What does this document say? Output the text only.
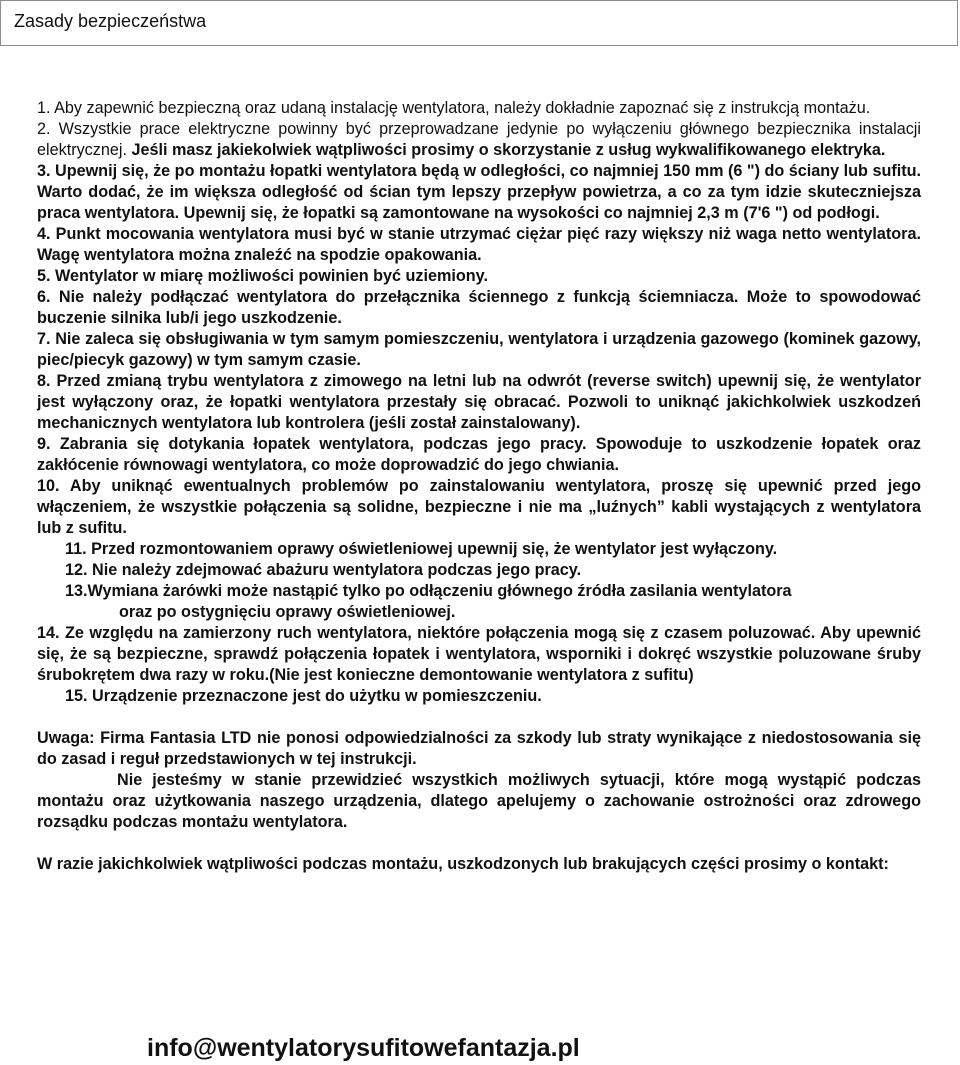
Zasady bezpieczeństwa

1. Aby zapewnić bezpieczną oraz udaną instalację wentylatora, należy dokładnie zapoznać się z instrukcją montażu.

2. Wszystkie prace elektryczne powinny być przeprowadzane jedynie po wyłączeniu głównego bezpiecznika instalacji elektrycznej. Jeśli masz jakiekolwiek wątpliwości prosimy o skorzystanie z usług wykwalifikowanego elektryka.

3. Upewnij się, że po montażu łopatki wentylatora będą w odległości, co najmniej 150 mm (6 ") do ściany lub sufitu. Warto dodać, że im większa odległość od ścian tym lepszy przepływ powietrza, a co za tym idzie skuteczniejsza praca wentylatora. Upewnij się, że łopatki są zamontowane na wysokości co najmniej 2,3 m (7'6 ") od podłogi.

4. Punkt mocowania wentylatora musi być w stanie utrzymać ciężar pięć razy większy niż waga netto wentylatora. Wagę wentylatora można znaleźć na spodzie opakowania.

5. Wentylator w miarę możliwości powinien być uziemiony.

6. Nie należy podłączać wentylatora do przełącznika ściennego z funkcją ściemniacza. Może to spowodować buczenie silnika lub/i jego uszkodzenie.

7. Nie zaleca się obsługiwania w tym samym pomieszczeniu, wentylatora i urządzenia gazowego (kominek gazowy, piec/piecyk gazowy) w tym samym czasie.

8. Przed zmianą trybu wentylatora z zimowego na letni lub na odwrót (reverse switch) upewnij się, że wentylator jest wyłączony oraz, że łopatki wentylatora przestały się obracać. Pozwoli to uniknąć jakichkolwiek uszkodzeń mechanicznych wentylatora lub kontrolera (jeśli został zainstalowany).

9. Zabrania się dotykania łopatek wentylatora, podczas jego pracy. Spowoduje to uszkodzenie łopatek oraz zakłócenie równowagi wentylatora, co może doprowadzić do jego chwiania.

10. Aby uniknąć ewentualnych problemów po zainstalowaniu wentylatora, proszę się upewnić przed jego włączeniem, że wszystkie połączenia są solidne, bezpieczne i nie ma „luźnych” kabli wystających z wentylatora lub z sufitu.

11. Przed rozmontowaniem oprawy oświetleniowej upewnij się, że wentylator jest wyłączony.

12. Nie należy zdejmować abażuru wentylatora podczas jego pracy.

13.Wymiana żarówki może nastąpić tylko po odłączeniu głównego źródła zasilania wentylatora

oraz po ostygnięciu oprawy oświetleniowej.

14. Ze względu na zamierzony ruch wentylatora, niektóre połączenia mogą się z czasem poluzować. Aby upewnić się, że są bezpieczne, sprawdź połączenia łopatek i wentylatora, wsporniki i dokręć wszystkie poluzowane śruby śrubokrętem dwa razy w roku.(Nie jest konieczne demontowanie wentylatora z sufitu)

15. Urządzenie przeznaczone jest do użytku w pomieszczeniu.

Uwaga: Firma Fantasia LTD nie ponosi odpowiedzialności za szkody lub straty wynikające z niedostosowania się do zasad i reguł przedstawionych w tej instrukcji.

Nie jesteśmy w stanie przewidzieć wszystkich możliwych sytuacji, które mogą wystąpić podczas montażu oraz użytkowania naszego urządzenia, dlatego apelujemy o zachowanie ostrożności oraz zdrowego rozsądku podczas montażu wentylatora.

W razie jakichkolwiek wątpliwości podczas montażu, uszkodzonych lub brakujących części prosimy o kontakt:

info@wentylatorysufitowefantazja.pl
